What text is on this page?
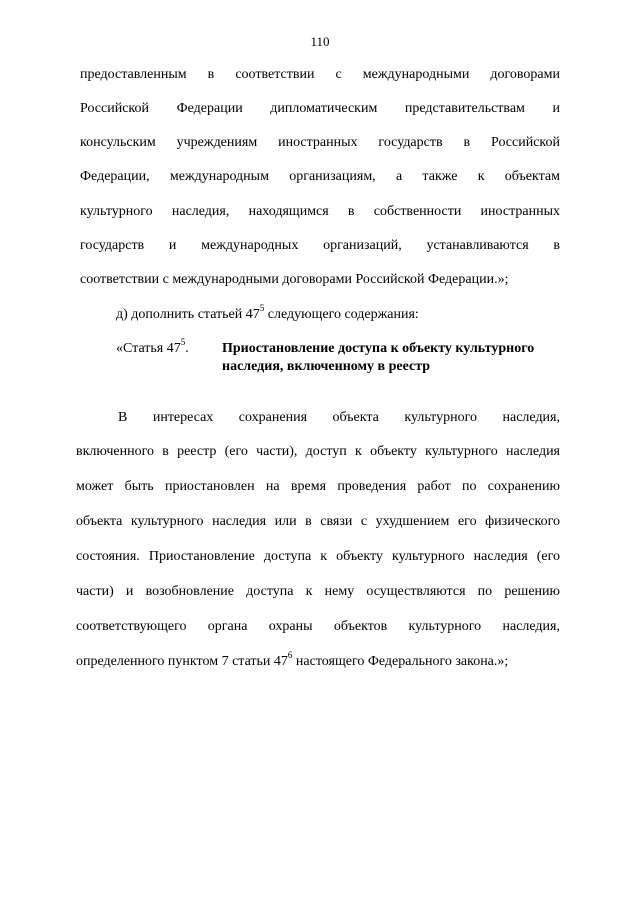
110
предоставленным в соответствии с международными договорами
Российской Федерации дипломатическим представительствам и
консульским учреждениям иностранных государств в Российской
Федерации, международным организациям, а также к объектам
культурного наследия, находящимся в собственности иностранных
государств и международных организаций, устанавливаются в
соответствии с международными договорами Российской Федерации.»;
д) дополнить статьей $47^5$ следующего содержания:
«Статья $47^5$. Приостановление доступа к объекту культурного
наследия, включенному в реестр
В интересах сохранения объекта культурного наследия,
включенного в реестр (его части), доступ к объекту культурного наследия
может быть приостановлен на время проведения работ по сохранению
объекта культурного наследия или в связи с ухудшением его физического
состояния. Приостановление доступа к объекту культурного наследия (его
части) и возобновление доступа к нему осуществляются по решению
соответствующего органа охраны объектов культурного наследия,
определенного пунктом 7 статьи $47^6$ настоящего Федерального закона.»;
